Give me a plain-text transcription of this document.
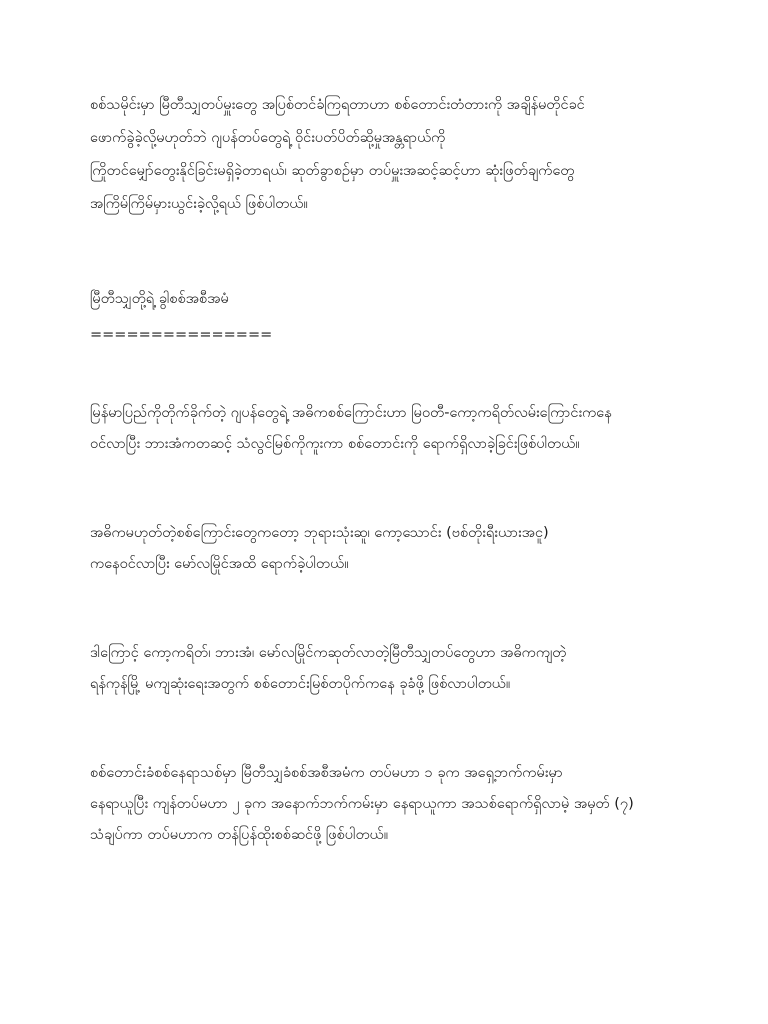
စစ်သမိုင်းမှာ မြီတီသျှတပ်မှူးတွေ အပြစ်တင်ခံကြရတာဟာ စစ်တောင်းတံတားကို အချိန်မတိုင်ခင်
ဖောက်ခွဲခဲ့လို့မဟုတ်ဘဲ ဂျပန်တပ်တွေရဲ့ ဝိုင်းပတ်ပိတ်ဆို့မှုအန္တရာယ်ကို
ကြိုတင်မျှော်တွေးနိုင်ခြင်းမရှိခဲ့တာရယ်၊ ဆုတ်ခွာစဉ်မှာ တပ်မှူးအဆင့်ဆင့်ဟာ ဆုံးဖြတ်ချက်တွေ
အကြိမ်ကြိမ်မှားယွင်းခဲ့လို့ရယ် ဖြစ်ပါတယ်။
မြီတီသျှတို့ရဲ့ ခွါစစ်အစီအမံ
===============
မြန်မာပြည်ကိုတိုက်ခိုက်တဲ့ ဂျပန်တွေရဲ့ အဓိကစစ်ကြောင်းဟာ မြဝတီ-ကော့ကရိတ်လမ်းကြောင်းကနေ
ဝင်လာပြီး ဘားအံကတဆင့် သံလွင်မြစ်ကိုကူးကာ စစ်တောင်းကို ရောက်ရှိလာခဲ့ခြင်းဖြစ်ပါတယ်။
အဓိကမဟုတ်တဲ့စစ်ကြောင်းတွေကတော့ ဘုရားသုံးဆူ၊ ကော့သောင်း (ဗစ်တိုးရီးယားအငူ)
ကနေဝင်လာပြီး မော်လမြိုင်အထိ ရောက်ခဲ့ပါတယ်။
ဒါကြောင့် ကော့ကရိတ်၊ ဘားအံ၊ မော်လမြိုင်ကဆုတ်လာတဲ့မြီတီသျှတပ်တွေဟာ အဓိကကျတဲ့
ရန်ကုန်မြို့ မကျဆုံးရေးအတွက် စစ်တောင်းမြစ်တပိုက်ကနေ ခုခံဖို့ ဖြစ်လာပါတယ်။
စစ်တောင်းခံစစ်နေရာသစ်မှာ မြီတီသျှခံစစ်အစီအမံက တပ်မဟာ ၁ ခုက အရှေ့ဘက်ကမ်းမှာ
နေရာယူပြီး ကျန်တပ်မဟာ ၂ ခုက အနောက်ဘက်ကမ်းမှာ နေရာယူကာ အသစ်ရောက်ရှိလာမဲ့ အမှတ် (၇)
သံချပ်ကာ တပ်မဟာက တန်ပြန်ထိုးစစ်ဆင်ဖို့ ဖြစ်ပါတယ်။
